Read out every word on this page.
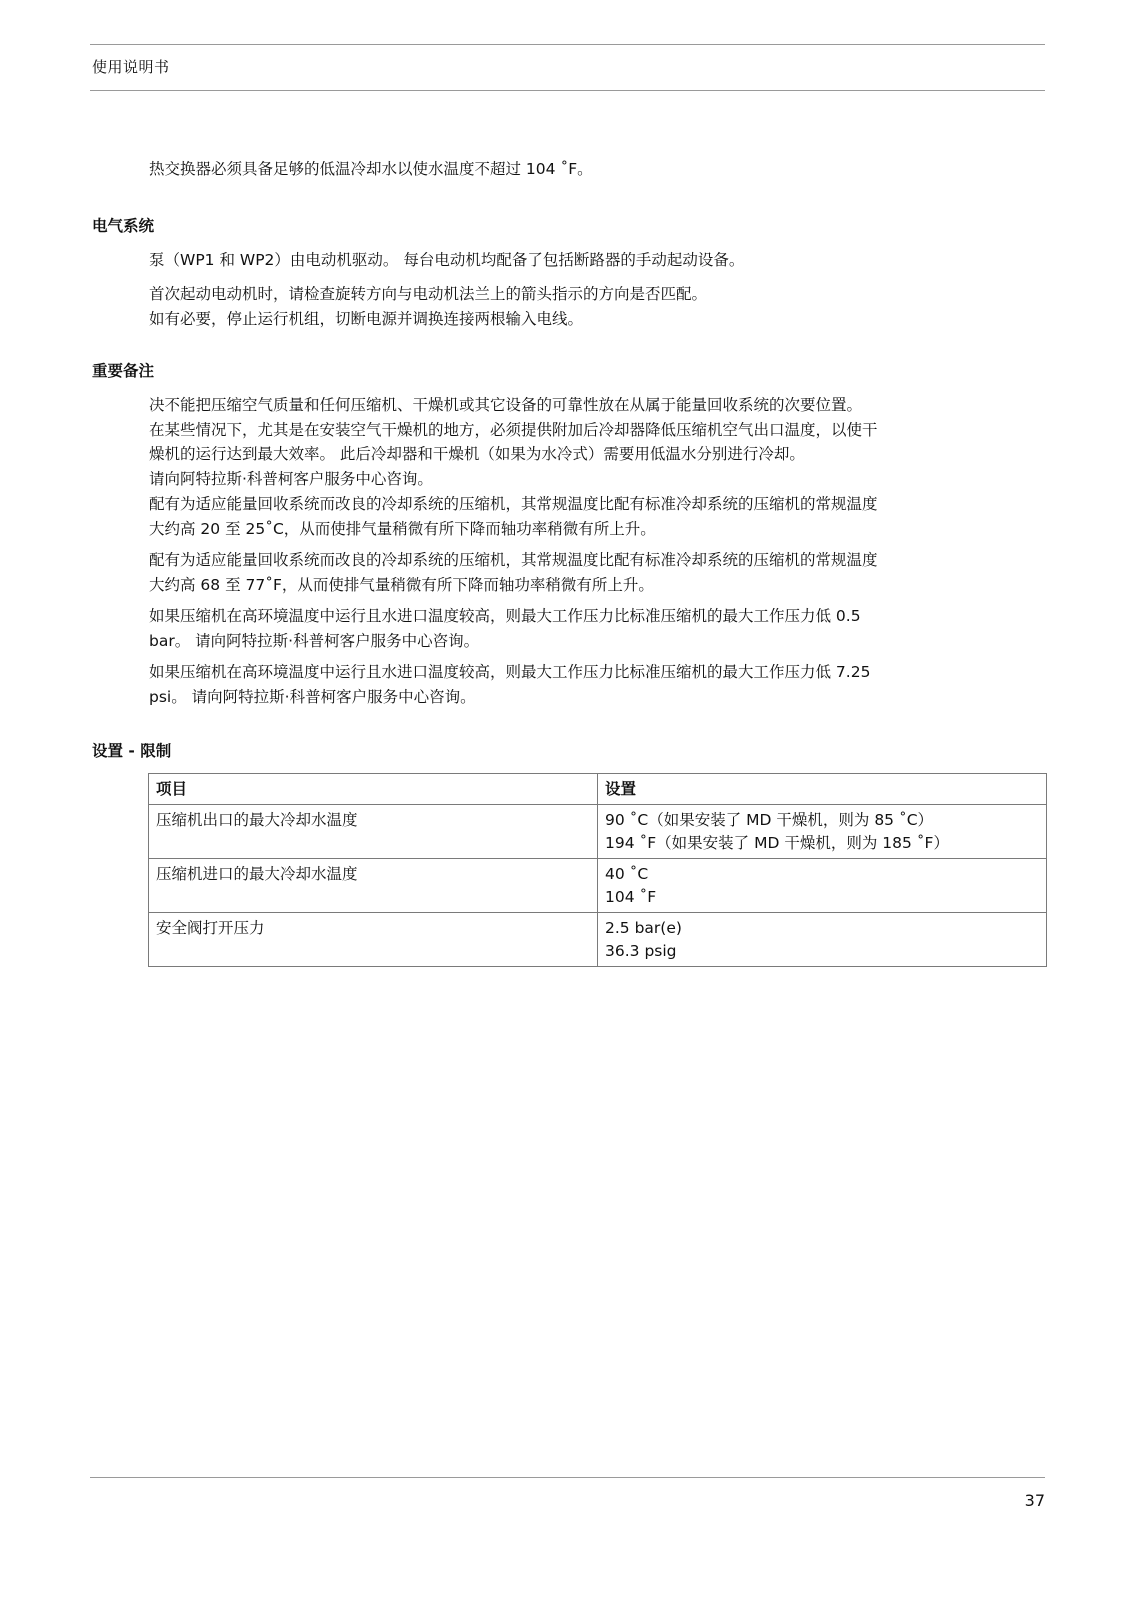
使用说明书

热交换器必须具备足够的低温冷却水以使水温度不超过 104 ˚F。

电气系统

泵（WP1 和 WP2）由电动机驱动。 每台电动机均配备了包括断路器的手动起动设备。

首次起动电动机时，请检查旋转方向与电动机法兰上的箭头指示的方向是否匹配。
如有必要，停止运行机组，切断电源并调换连接两根输入电线。

重要备注

决不能把压缩空气质量和任何压缩机、干燥机或其它设备的可靠性放在从属于能量回收系统的次要位置。
在某些情况下，尤其是在安装空气干燥机的地方，必须提供附加后冷却器降低压缩机空气出口温度，以使干
燥机的运行达到最大效率。 此后冷却器和干燥机（如果为水冷式）需要用低温水分别进行冷却。
请向阿特拉斯·科普柯客户服务中心咨询。

配有为适应能量回收系统而改良的冷却系统的压缩机，其常规温度比配有标准冷却系统的压缩机的常规温度
大约高 20 至 25˚C，从而使排气量稍微有所下降而轴功率稍微有所上升。

配有为适应能量回收系统而改良的冷却系统的压缩机，其常规温度比配有标准冷却系统的压缩机的常规温度
大约高 68 至 77˚F，从而使排气量稍微有所下降而轴功率稍微有所上升。

如果压缩机在高环境温度中运行且水进口温度较高，则最大工作压力比标准压缩机的最大工作压力低 0.5
bar。 请向阿特拉斯·科普柯客户服务中心咨询。

如果压缩机在高环境温度中运行且水进口温度较高，则最大工作压力比标准压缩机的最大工作压力低 7.25
psi。 请向阿特拉斯·科普柯客户服务中心咨询。

设置 - 限制
项目	设置
压缩机出口的最大冷却水温度	90 ˚C（如果安装了 MD 干燥机，则为 85 ˚C）
194 ˚F（如果安装了 MD 干燥机，则为 185 ˚F）
压缩机进口的最大冷却水温度	40 ˚C
104 ˚F
安全阀打开压力	2.5 bar(e)
36.3 psig
37
